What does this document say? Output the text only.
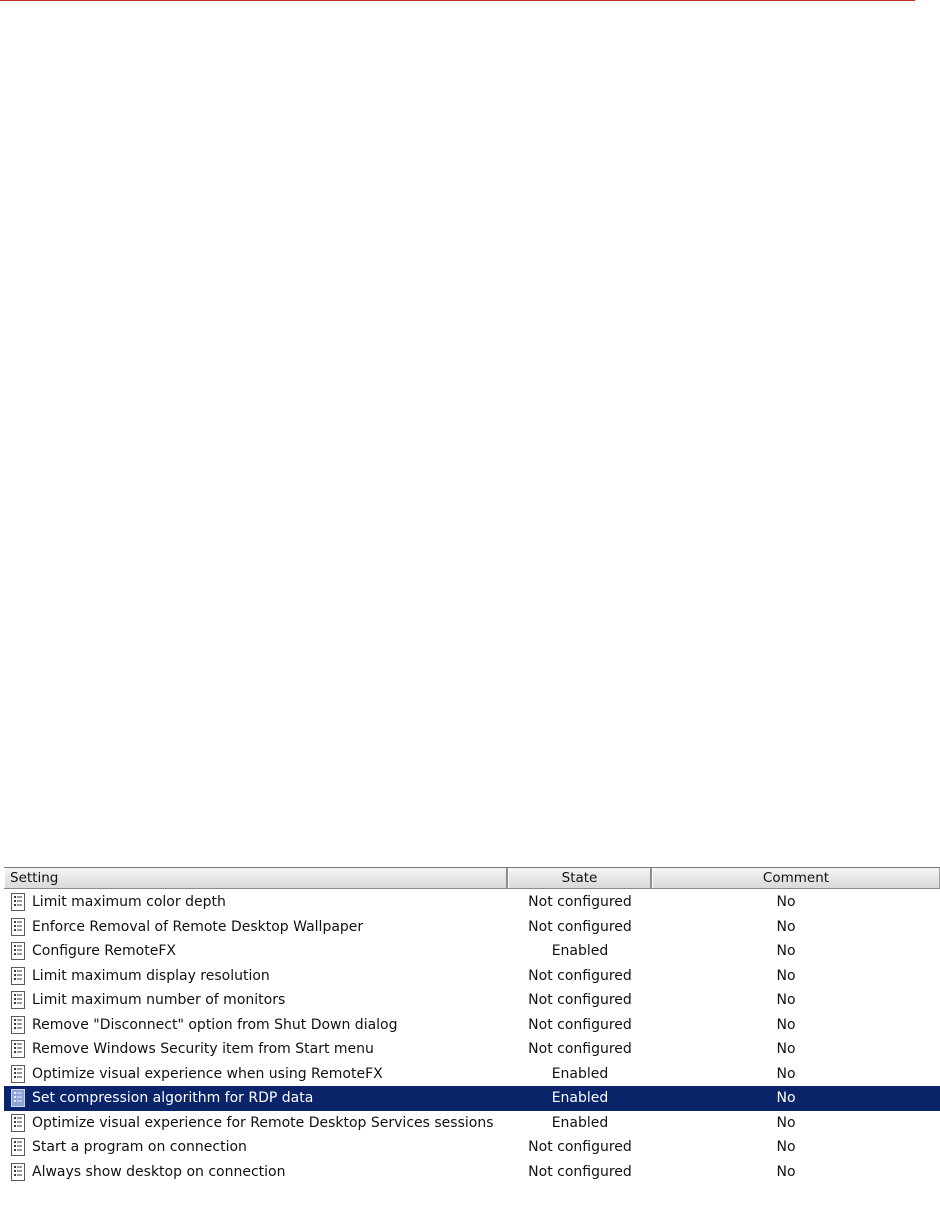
Setting	State	Comment
Limit maximum color depth	Not configured	No
Enforce Removal of Remote Desktop Wallpaper	Not configured	No
Configure RemoteFX	Enabled	No
Limit maximum display resolution	Not configured	No
Limit maximum number of monitors	Not configured	No
Remove "Disconnect" option from Shut Down dialog	Not configured	No
Remove Windows Security item from Start menu	Not configured	No
Optimize visual experience when using RemoteFX	Enabled	No
Set compression algorithm for RDP data	Enabled	No
Optimize visual experience for Remote Desktop Services sessions	Enabled	No
Start a program on connection	Not configured	No
Always show desktop on connection	Not configured	No
